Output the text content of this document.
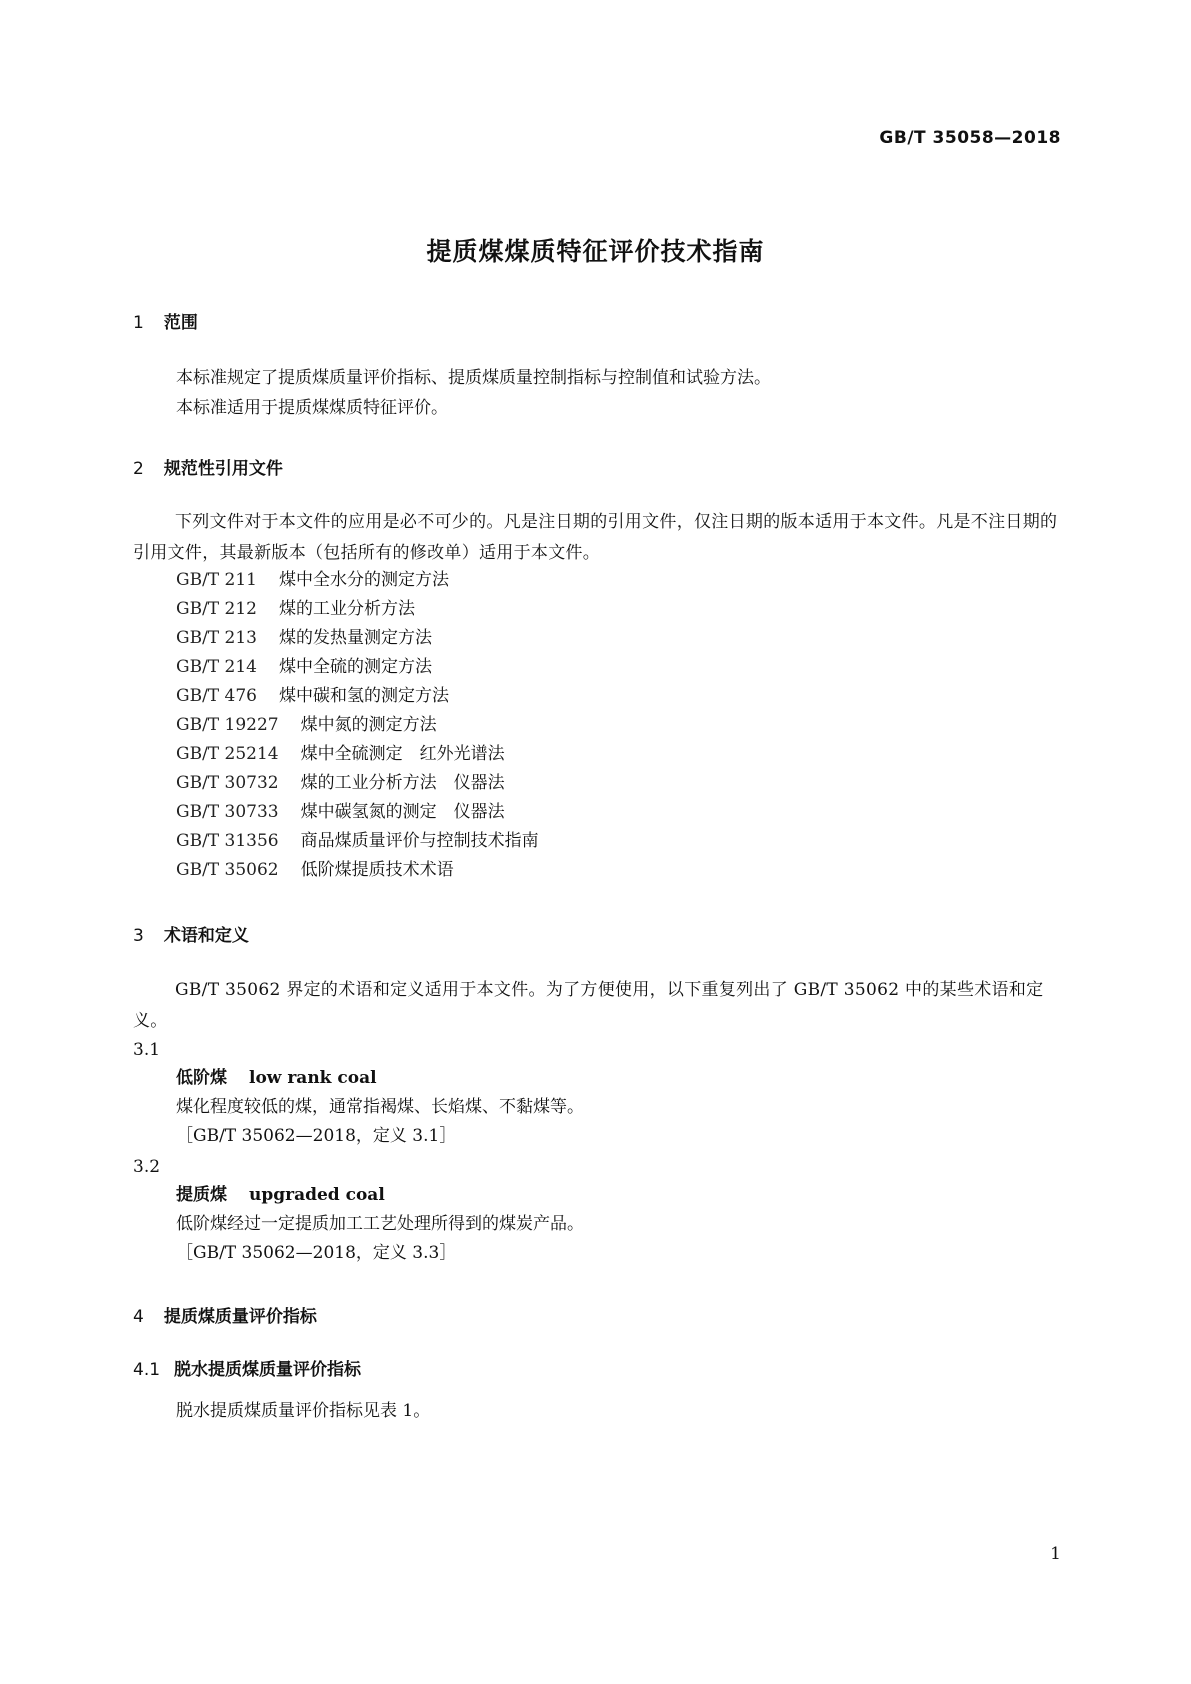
GB/T 35058—2018
提质煤煤质特征评价技术指南
1 范围
本标准规定了提质煤质量评价指标、提质煤质量控制指标与控制值和试验方法。
本标准适用于提质煤煤质特征评价。
2 规范性引用文件
下列文件对于本文件的应用是必不可少的。凡是注日期的引用文件，仅注日期的版本适用于本文件。凡是不注日期的引用文件，其最新版本（包括所有的修改单）适用于本文件。
GB/T 211 煤中全水分的测定方法
GB/T 212 煤的工业分析方法
GB/T 213 煤的发热量测定方法
GB/T 214 煤中全硫的测定方法
GB/T 476 煤中碳和氢的测定方法
GB/T 19227 煤中氮的测定方法
GB/T 25214 煤中全硫测定　红外光谱法
GB/T 30732 煤的工业分析方法　仪器法
GB/T 30733 煤中碳氢氮的测定　仪器法
GB/T 31356 商品煤质量评价与控制技术指南
GB/T 35062 低阶煤提质技术术语
3 术语和定义
GB/T 35062 界定的术语和定义适用于本文件。为了方便使用，以下重复列出了 GB/T 35062 中的某些术语和定义。
3.1
低阶煤 low rank coal
煤化程度较低的煤，通常指褐煤、长焰煤、不黏煤等。
［GB/T 35062—2018，定义 3.1］
3.2
提质煤 upgraded coal
低阶煤经过一定提质加工工艺处理所得到的煤炭产品。
［GB/T 35062—2018，定义 3.3］
4 提质煤质量评价指标
4.1 脱水提质煤质量评价指标
脱水提质煤质量评价指标见表 1。
1
